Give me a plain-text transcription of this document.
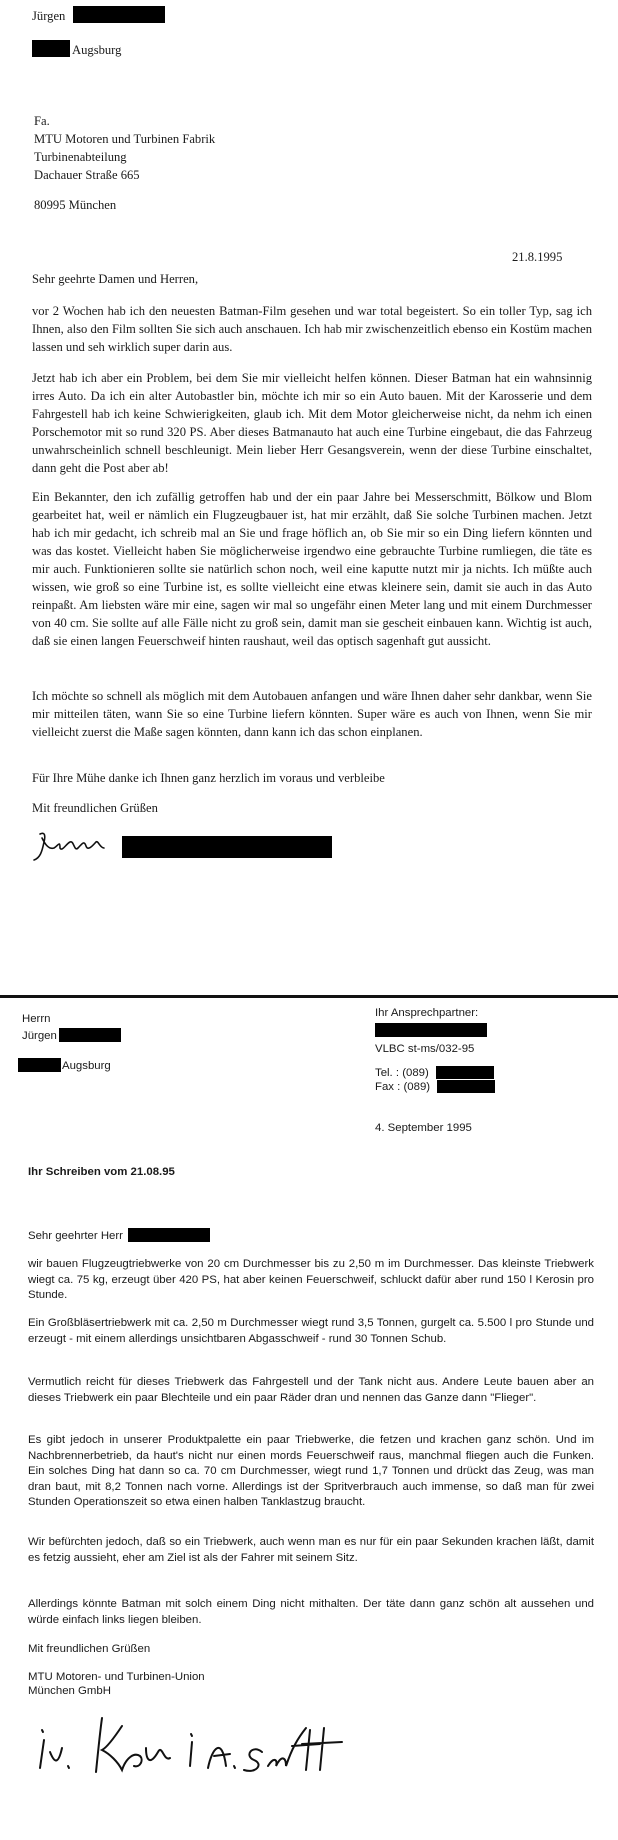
Jürgen
Augsburg
Fa.
MTU Motoren und Turbinen Fabrik
Turbinenabteilung
Dachauer Straße 665
80995 München
21.8.1995
Sehr geehrte Damen und Herren,

vor 2 Wochen hab ich den neuesten Batman-Film gesehen und war total begeistert. So ein toller Typ, sag ich Ihnen, also den Film sollten Sie sich auch anschauen. Ich hab mir zwischenzeitlich ebenso ein Kostüm machen lassen und seh wirklich super darin aus.

Jetzt hab ich aber ein Problem, bei dem Sie mir vielleicht helfen können. Dieser Batman hat ein wahnsinnig irres Auto. Da ich ein alter Autobastler bin, möchte ich mir so ein Auto bauen. Mit der Karosserie und dem Fahrgestell hab ich keine Schwierigkeiten, glaub ich. Mit dem Motor gleicherweise nicht, da nehm ich einen Porschemotor mit so rund 320 PS. Aber dieses Batmanauto hat auch eine Turbine eingebaut, die das Fahrzeug unwahrscheinlich schnell beschleunigt. Mein lieber Herr Gesangsverein, wenn der diese Turbine einschaltet, dann geht die Post aber ab!

Ein Bekannter, den ich zufällig getroffen hab und der ein paar Jahre bei Messerschmitt, Bölkow und Blom gearbeitet hat, weil er nämlich ein Flugzeugbauer ist, hat mir erzählt, daß Sie solche Turbinen machen. Jetzt hab ich mir gedacht, ich schreib mal an Sie und frage höflich an, ob Sie mir so ein Ding liefern könnten und was das kostet. Vielleicht haben Sie möglicherweise irgendwo eine gebrauchte Turbine rumliegen, die täte es mir auch. Funktionieren sollte sie natürlich schon noch, weil eine kaputte nutzt mir ja nichts. Ich müßte auch wissen, wie groß so eine Turbine ist, es sollte vielleicht eine etwas kleinere sein, damit sie auch in das Auto reinpaßt. Am liebsten wäre mir eine, sagen wir mal so ungefähr einen Meter lang und mit einem Durchmesser von 40 cm. Sie sollte auf alle Fälle nicht zu groß sein, damit man sie gescheit einbauen kann. Wichtig ist auch, daß sie einen langen Feuerschweif hinten raushaut, weil das optisch sagenhaft gut aussicht.

Ich möchte so schnell als möglich mit dem Autobauen anfangen und wäre Ihnen daher sehr dankbar, wenn Sie mir mitteilen täten, wann Sie so eine Turbine liefern könnten. Super wäre es auch von Ihnen, wenn Sie mir vielleicht zuerst die Maße sagen könnten, dann kann ich das schon einplanen.

Für Ihre Mühe danke ich Ihnen ganz herzlich im voraus und verbleibe

Mit freundlichen Grüßen
Herrn
Jürgen
Augsburg
Ihr Ansprechpartner:
VLBC st-ms/032-95
Tel. : (089)
Fax : (089)
4. September 1995
Ihr Schreiben vom 21.08.95
Sehr geehrter Herr

wir bauen Flugzeugtriebwerke von 20 cm Durchmesser bis zu 2,50 m im Durchmesser. Das kleinste Triebwerk wiegt ca. 75 kg, erzeugt über 420 PS, hat aber keinen Feuerschweif, schluckt dafür aber rund 150 l Kerosin pro Stunde.

Ein Großbläsertriebwerk mit ca. 2,50 m Durchmesser wiegt rund 3,5 Tonnen, gurgelt ca. 5.500 l pro Stunde und erzeugt - mit einem allerdings unsichtbaren Abgasschweif - rund 30 Tonnen Schub.

Vermutlich reicht für dieses Triebwerk das Fahrgestell und der Tank nicht aus. Andere Leute bauen aber an dieses Triebwerk ein paar Blechteile und ein paar Räder dran und nennen das Ganze dann "Flieger".

Es gibt jedoch in unserer Produktpalette ein paar Triebwerke, die fetzen und krachen ganz schön. Und im Nachbrennerbetrieb, da haut's nicht nur einen mords Feuerschweif raus, manchmal fliegen auch die Funken. Ein solches Ding hat dann so ca. 70 cm Durchmesser, wiegt rund 1,7 Tonnen und drückt das Zeug, was man dran baut, mit 8,2 Tonnen nach vorne. Allerdings ist der Spritverbrauch auch immense, so daß man für zwei Stunden Operationszeit so etwa einen halben Tanklastzug braucht.

Wir befürchten jedoch, daß so ein Triebwerk, auch wenn man es nur für ein paar Sekunden krachen läßt, damit es fetzig aussieht, eher am Ziel ist als der Fahrer mit seinem Sitz.

Allerdings könnte Batman mit solch einem Ding nicht mithalten. Der täte dann ganz schön alt aussehen und würde einfach links liegen bleiben.

Mit freundlichen Grüßen
MTU Motoren- und Turbinen-Union
München GmbH
